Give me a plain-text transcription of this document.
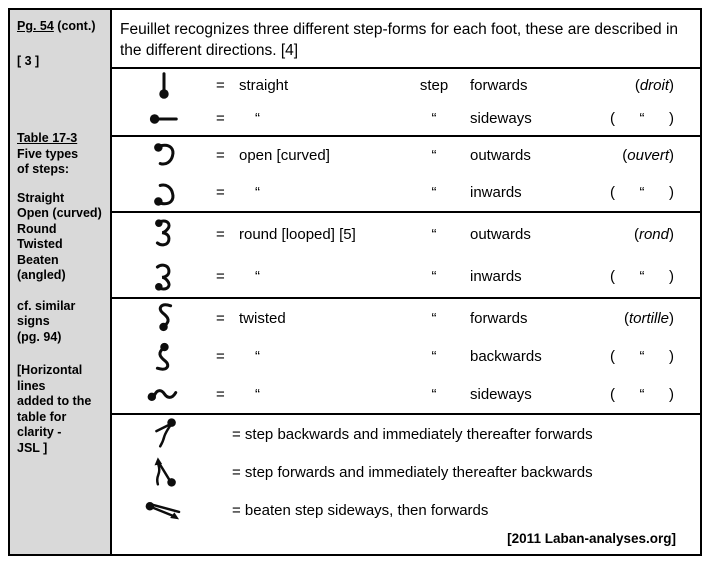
Pg. 54 (cont.)
[ 3 ]
Table 17-3
Five types
of steps:
Straight
Open (curved)
Round
Twisted
Beaten (angled)
cf. similar signs
(pg. 94)
[Horizontal lines
added to the
table for clarity -
JSL ]
Feuillet recognizes three different step-forms for each foot, these are described in the different directions. [4]
= straight	step	forwards	( droit )
=	“	“	sideways	( “ )
= open [curved]	“	outwards	( ouvert )
=	“	“	inwards	( “ )
= round [looped] [5]	“	outwards	( rond )
=	“	“	inwards	( “ )
= twisted	“	forwards	( tortille )
=	“	“	backwards	( “ )
=	“	“	sideways	( “ )
= step backwards and immediately thereafter forwards
= step forwards and immediately thereafter backwards
= beaten step sideways, then forwards
[2011 Laban-analyses.org]
